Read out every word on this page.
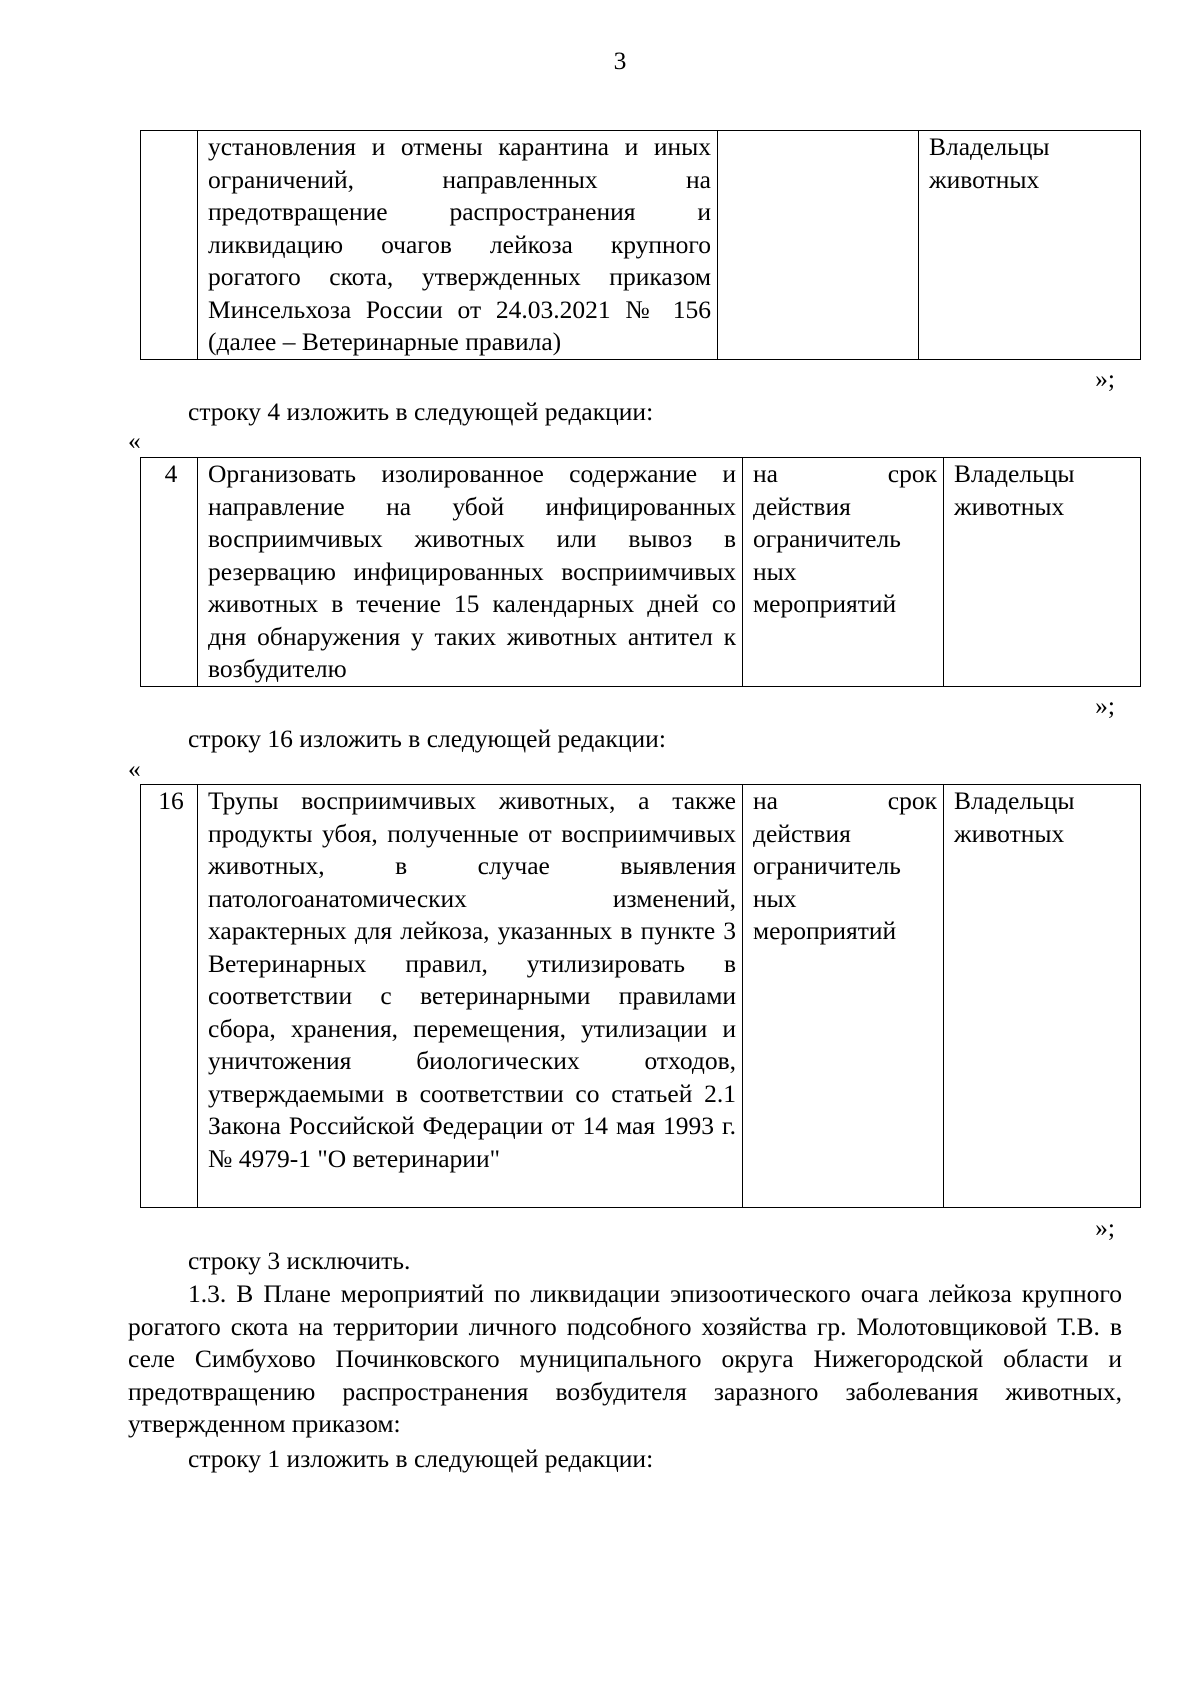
3
	установления и отмены карантина и иных ограничений, направленных на предотвращение распространения и ликвидацию очагов лейкоза крупного рогатого скота, утвержденных приказом Минсельхоза России от 24.03.2021 № 156 (далее – Ветеринарные правила)		Владельцы животных
»;
строку 4 изложить в следующей редакции:
«
4	Организовать изолированное содержание и направление на убой инфицированных восприимчивых животных или вывоз в резервацию инфицированных восприимчивых животных в течение 15 календарных дней со дня обнаружения у таких животных антител к возбудителю	на срок действия ограничитель ных мероприятий	Владельцы животных
»;
строку 16 изложить в следующей редакции:
«
16	Трупы восприимчивых животных, а также продукты убоя, полученные от восприимчивых животных, в случае выявления патологоанатомических изменений, характерных для лейкоза, указанных в пункте 3 Ветеринарных правил, утилизировать в соответствии с ветеринарными правилами сбора, хранения, перемещения, утилизации и уничтожения биологических отходов, утверждаемыми в соответствии со статьей 2.1 Закона Российской Федерации от 14 мая 1993 г. № 4979-1 "О ветеринарии"	на срок действия ограничитель ных мероприятий	Владельцы животных
»;
строку 3 исключить.
1.3. В Плане мероприятий по ликвидации эпизоотического очага лейкоза крупного рогатого скота на территории личного подсобного хозяйства гр. Молотовщиковой Т.В. в селе Симбухово Починковского муниципального округа Нижегородской области и предотвращению распространения возбудителя заразного заболевания животных, утвержденном приказом:
строку 1 изложить в следующей редакции:
